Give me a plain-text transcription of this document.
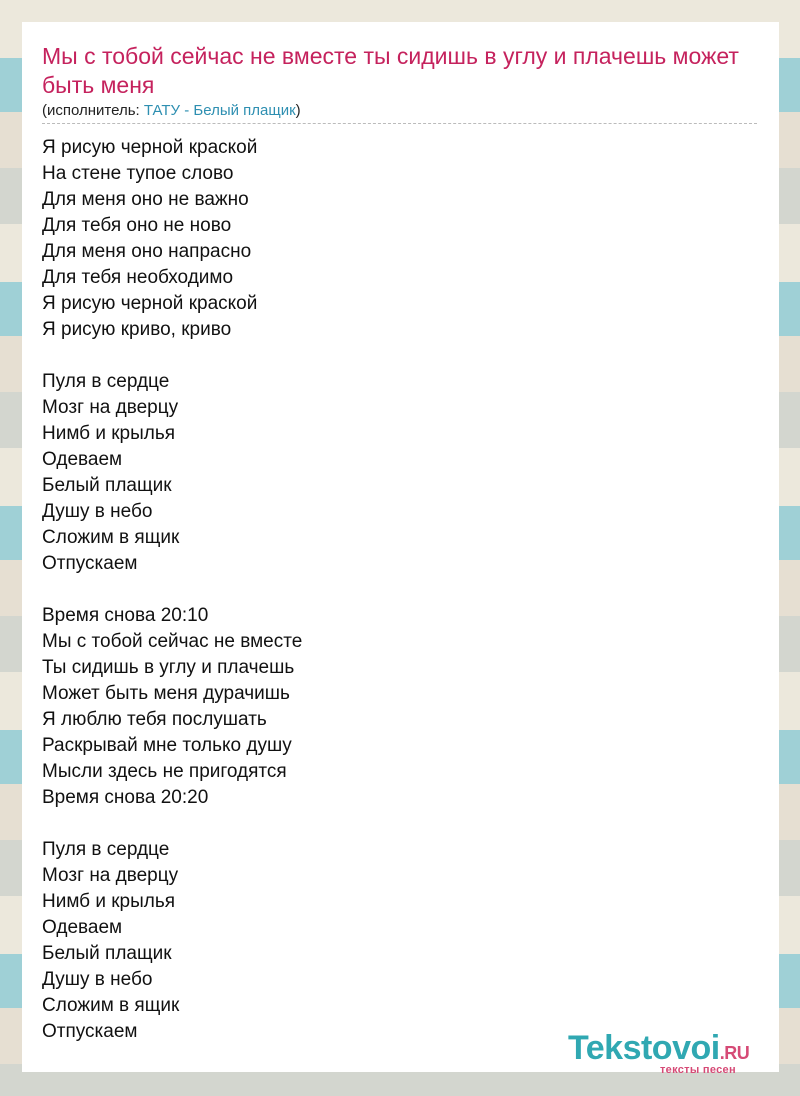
Мы с тобой сейчас не вместе ты сидишь в углу и плачешь может быть меня
(исполнитель: ТАТУ - Белый плащик)
Я рисую черной краской
На стене тупое слово
Для меня оно не важно
Для тебя оно не ново
Для меня оно напрасно
Для тебя необходимо
Я рисую черной краской
Я рисую криво, криво
Пуля в сердце
Мозг на дверцу
Нимб и крылья
Одеваем
Белый плащик
Душу в небо
Сложим в ящик
Отпускаем
Время снова 20:10
Мы с тобой сейчас не вместе
Ты сидишь в углу и плачешь
Может быть меня дурачишь
Я люблю тебя послушать
Раскрывай мне только душу
Мысли здесь не пригодятся
Время снова 20:20
Пуля в сердце
Мозг на дверцу
Нимб и крылья
Одеваем
Белый плащик
Душу в небо
Сложим в ящик
Отпускаем	Tekstovoi.RU
тексты песен
